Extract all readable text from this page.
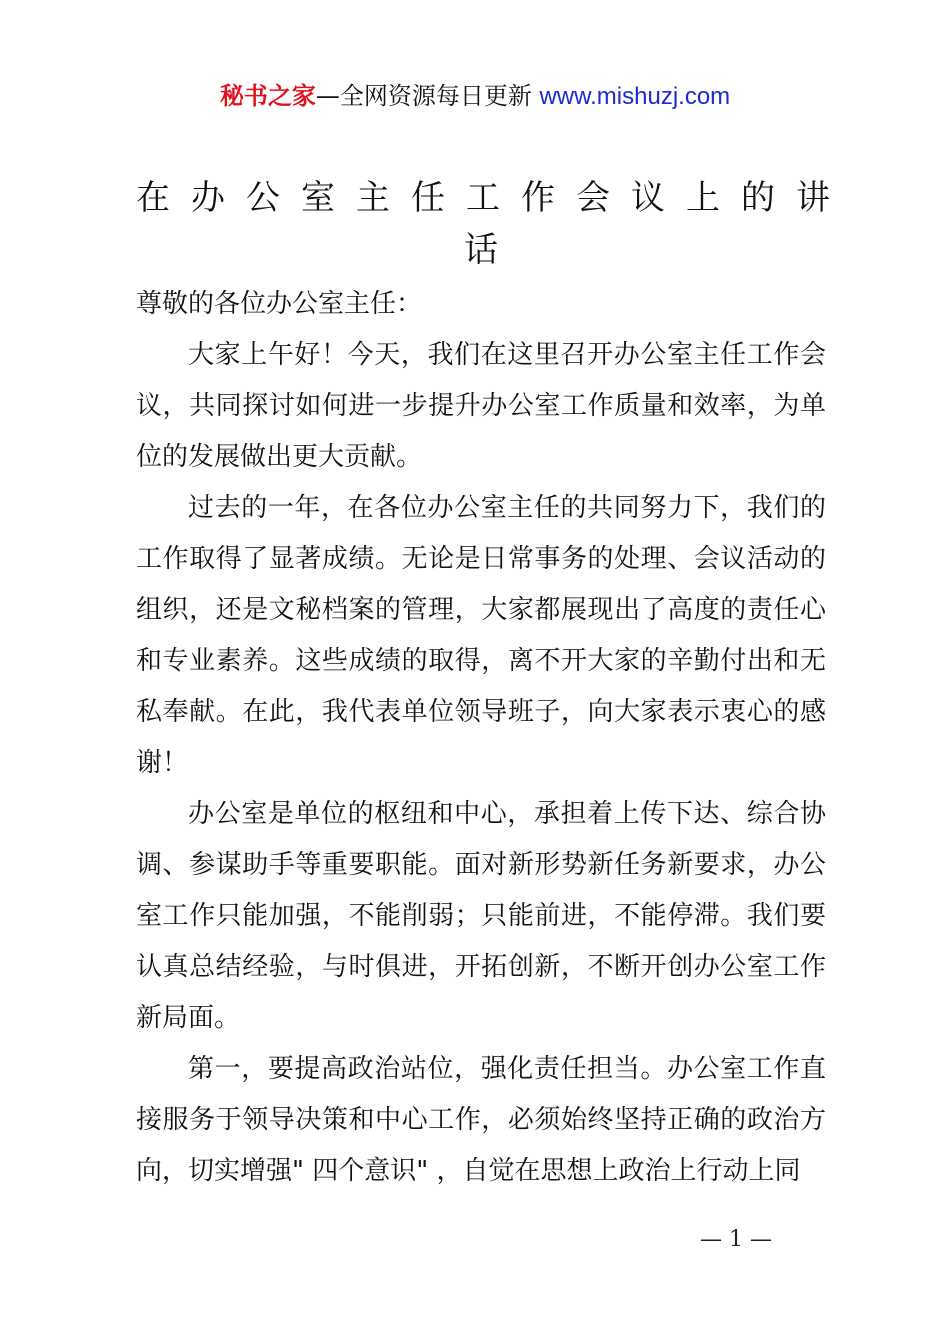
秘书之家—全网资源每日更新 www.mishuzj.com
在办公室主任工作会议上的讲
话

尊敬的各位办公室主任：

大家上午好！今天，我们在这里召开办公室主任工作会议，共同探讨如何进一步提升办公室工作质量和效率，为单位的发展做出更大贡献。

过去的一年，在各位办公室主任的共同努力下，我们的工作取得了显著成绩。无论是日常事务的处理、会议活动的组织，还是文秘档案的管理，大家都展现出了高度的责任心和专业素养。这些成绩的取得，离不开大家的辛勤付出和无私奉献。在此，我代表单位领导班子，向大家表示衷心的感谢！

办公室是单位的枢纽和中心，承担着上传下达、综合协调、参谋助手等重要职能。面对新形势新任务新要求，办公室工作只能加强，不能削弱；只能前进，不能停滞。我们要认真总结经验，与时俱进，开拓创新，不断开创办公室工作新局面。

第一，要提高政治站位，强化责任担当。办公室工作直接服务于领导决策和中心工作，必须始终坚持正确的政治方向，切实增强" 四个意识" ，自觉在思想上政治上行动上同

— 1 —
